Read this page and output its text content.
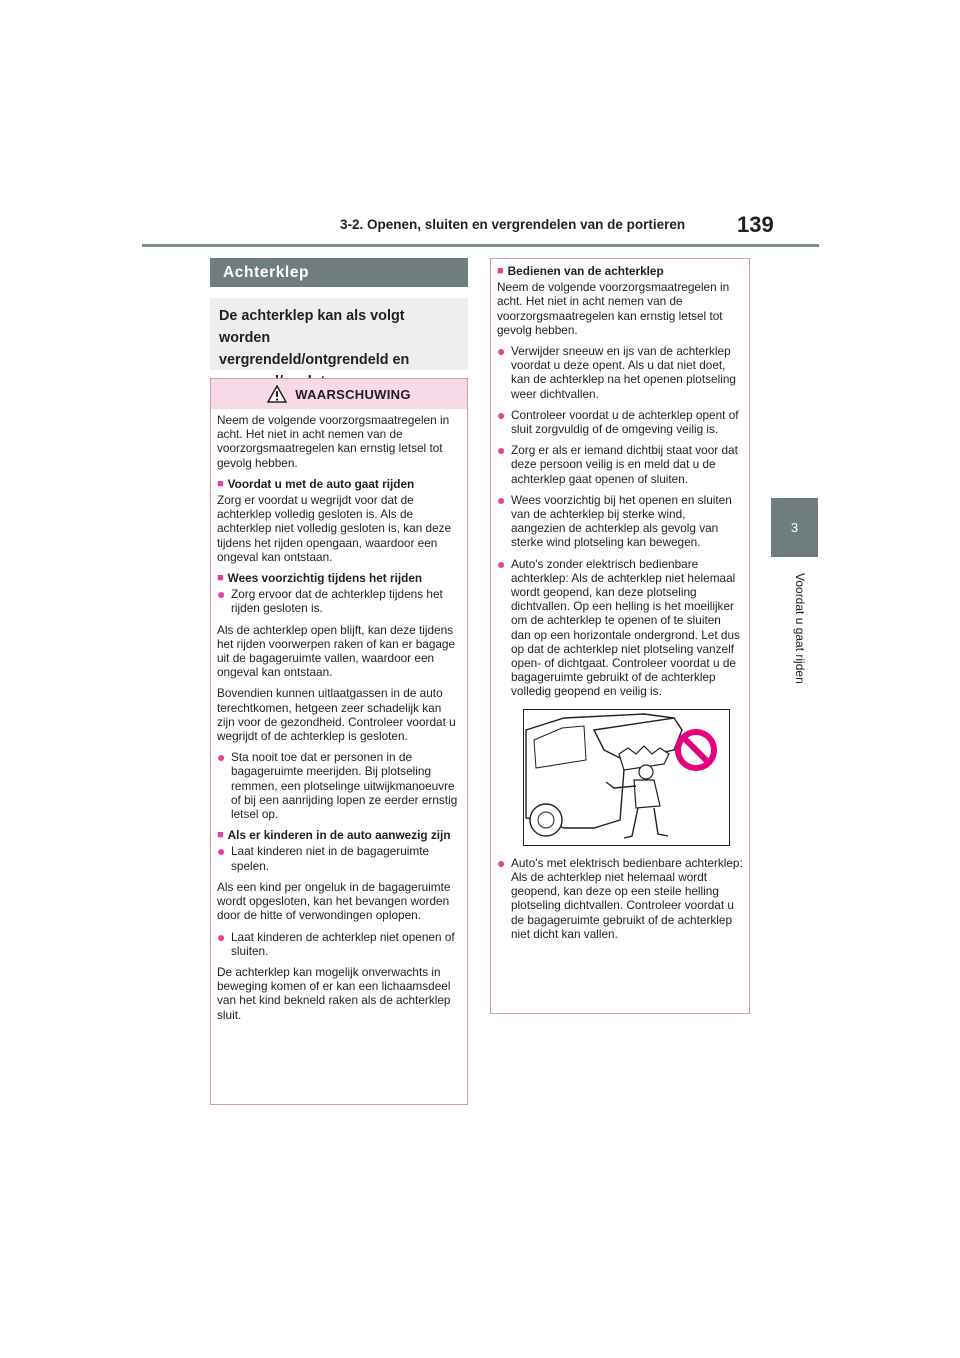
3-2. Openen, sluiten en vergrendelen van de portieren 139
3
Voordat u gaat rijden
Achterklep
De achterklep kan als volgt worden
vergrendeld/ontgrendeld en
WAARSCHUWING

Neem de volgende voorzorgsmaatregelen in acht. Het niet in acht nemen van de voorzorgsmaatregelen kan ernstig letsel tot gevolg hebben.

■ Voordat u met de auto gaat rijden

Zorg er voordat u wegrijdt voor dat de achterklep volledig gesloten is. Als de achterklep niet volledig gesloten is, kan deze tijdens het rijden opengaan, waardoor een ongeval kan ontstaan.

■ Wees voorzichtig tijdens het rijden
● Zorg ervoor dat de achterklep tijdens het rijden gesloten is.

Als de achterklep open blijft, kan deze tijdens het rijden voorwerpen raken of kan er bagage uit de bagageruimte vallen, waardoor een ongeval kan ontstaan.

Bovendien kunnen uitlaatgassen in de auto terechtkomen, hetgeen zeer schadelijk kan zijn voor de gezondheid. Controleer voordat u wegrijdt of de achterklep is gesloten.

● Sta nooit toe dat er personen in de bagageruimte meerijden. Bij plotseling remmen, een plotselinge uitwijkmanoeuvre of bij een aanrijding lopen ze eerder ernstig letsel op.
■ Als er kinderen in de auto aanwezig zijn
● Laat kinderen niet in de bagageruimte spelen.

Als een kind per ongeluk in de bagageruimte wordt opgesloten, kan het bevangen worden door de hitte of verwondingen oplopen.

● Laat kinderen de achterklep niet openen of sluiten.

De achterklep kan mogelijk onverwachts in beweging komen of er kan een lichaamsdeel van het kind bekneld raken als de achterklep sluit.

■ Bedienen van de achterklep

Neem de volgende voorzorgsmaatregelen in acht. Het niet in acht nemen van de voorzorgsmaatregelen kan ernstig letsel tot gevolg hebben.

● Verwijder sneeuw en ijs van de achterklep voordat u deze opent. Als u dat niet doet, kan de achterklep na het openen plotseling weer dichtvallen.
● Controleer voordat u de achterklep opent of sluit zorgvuldig of de omgeving veilig is.
● Zorg er als er iemand dichtbij staat voor dat deze persoon veilig is en meld dat u de achterklep gaat openen of sluiten.
● Wees voorzichtig bij het openen en sluiten van de achterklep bij sterke wind, aangezien de achterklep als gevolg van sterke wind plotseling kan bewegen.
● Auto's zonder elektrisch bedienbare achterklep: Als de achterklep niet helemaal wordt geopend, kan deze plotseling dichtvallen. Op een helling is het moeilijker om de achterklep te openen of te sluiten dan op een horizontale ondergrond. Let dus op dat de achterklep niet plotseling vanzelf open- of dichtgaat. Controleer voordat u de bagageruimte gebruikt of de achterklep volledig geopend en veilig is.
● Auto's met elektrisch bedienbare achterklep: Als de achterklep niet helemaal wordt geopend, kan deze op een steile helling plotseling dichtvallen. Controleer voordat u de bagageruimte gebruikt of de achterklep niet dicht kan vallen.
